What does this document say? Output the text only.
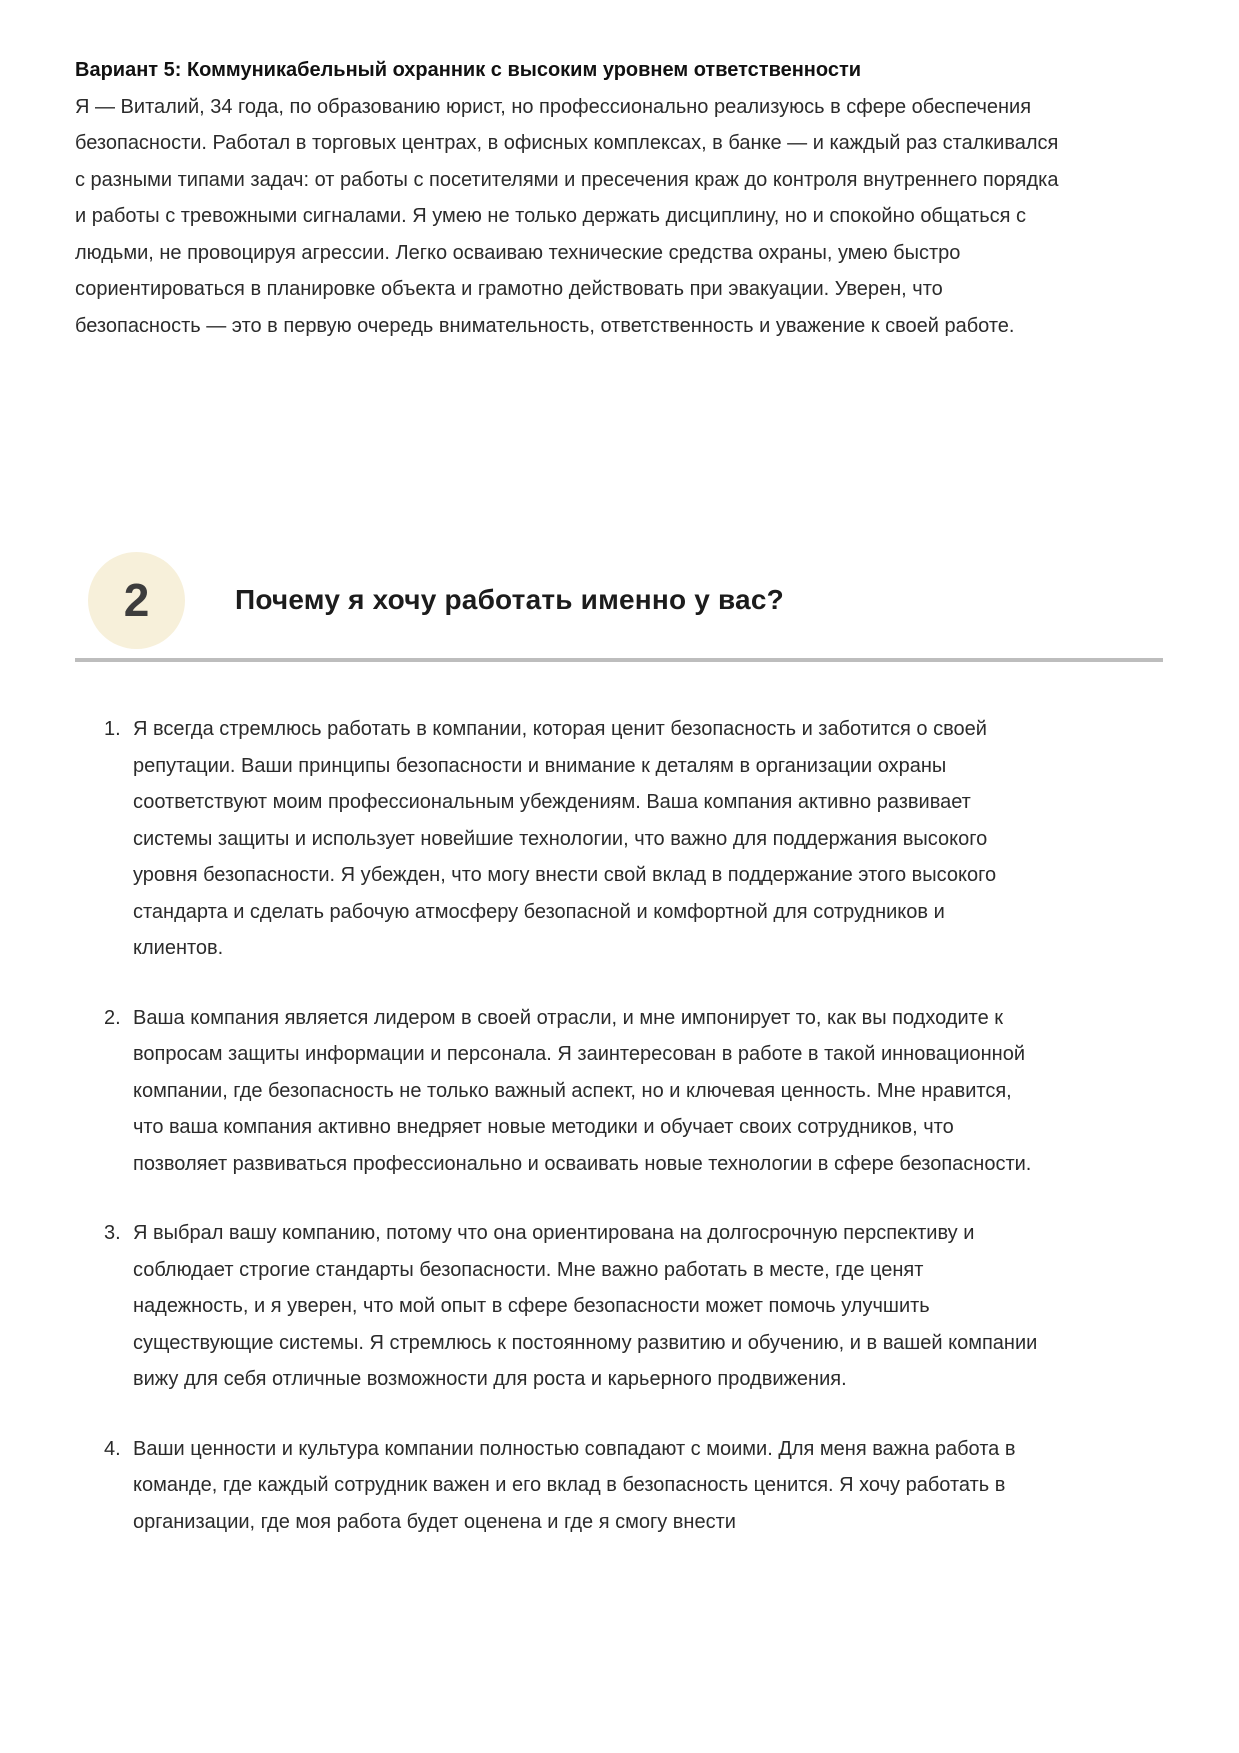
Вариант 5: Коммуникабельный охранник с высоким уровнем ответственности
Я — Виталий, 34 года, по образованию юрист, но профессионально реализуюсь в сфере обеспечения безопасности. Работал в торговых центрах, в офисных комплексах, в банке — и каждый раз сталкивался с разными типами задач: от работы с посетителями и пресечения краж до контроля внутреннего порядка и работы с тревожными сигналами. Я умею не только держать дисциплину, но и спокойно общаться с людьми, не провоцируя агрессии. Легко осваиваю технические средства охраны, умею быстро сориентироваться в планировке объекта и грамотно действовать при эвакуации. Уверен, что безопасность — это в первую очередь внимательность, ответственность и уважение к своей работе.
2	Почему я хочу работать именно у вас?
Я всегда стремлюсь работать в компании, которая ценит безопасность и заботится о своей репутации. Ваши принципы безопасности и внимание к деталям в организации охраны соответствуют моим профессиональным убеждениям. Ваша компания активно развивает системы защиты и использует новейшие технологии, что важно для поддержания высокого уровня безопасности. Я убежден, что могу внести свой вклад в поддержание этого высокого стандарта и сделать рабочую атмосферу безопасной и комфортной для сотрудников и клиентов.
Ваша компания является лидером в своей отрасли, и мне импонирует то, как вы подходите к вопросам защиты информации и персонала. Я заинтересован в работе в такой инновационной компании, где безопасность не только важный аспект, но и ключевая ценность. Мне нравится, что ваша компания активно внедряет новые методики и обучает своих сотрудников, что позволяет развиваться профессионально и осваивать новые технологии в сфере безопасности.
Я выбрал вашу компанию, потому что она ориентирована на долгосрочную перспективу и соблюдает строгие стандарты безопасности. Мне важно работать в месте, где ценят надежность, и я уверен, что мой опыт в сфере безопасности может помочь улучшить существующие системы. Я стремлюсь к постоянному развитию и обучению, и в вашей компании вижу для себя отличные возможности для роста и карьерного продвижения.
Ваши ценности и культура компании полностью совпадают с моими. Для меня важна работа в команде, где каждый сотрудник важен и его вклад в безопасность ценится. Я хочу работать в организации, где моя работа будет оценена и где я смогу внести
